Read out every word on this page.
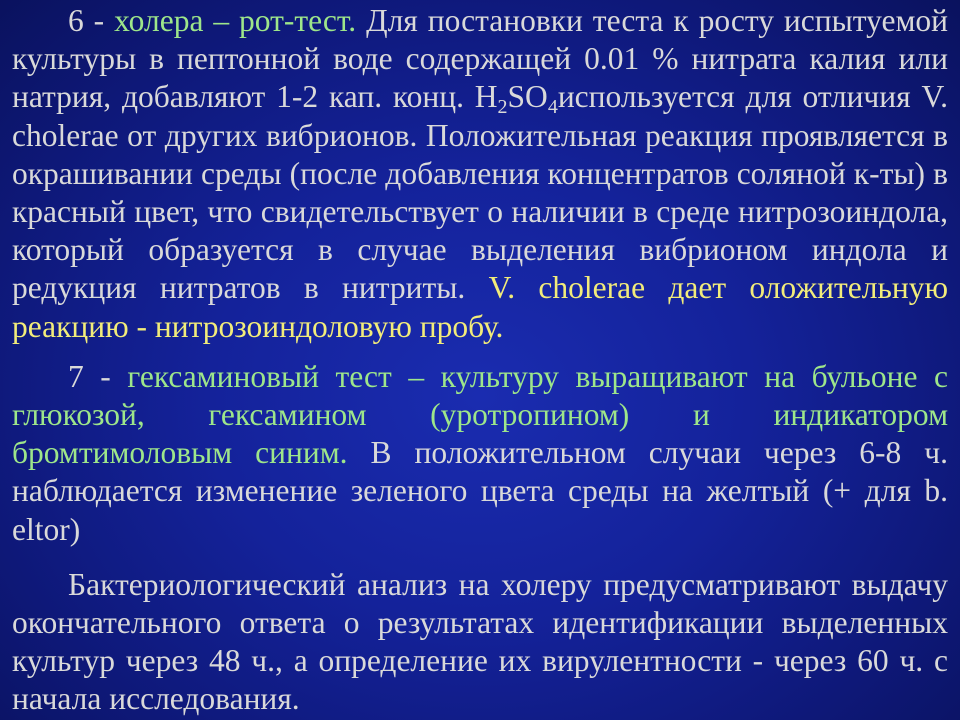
6 - холера – рот-тест. Для постановки теста к росту испытуемой культуры в пептонной воде содержащей 0.01 % нитрата калия или натрия, добавляют 1-2 кап. конц. $H_2SO_4используется$ для отличия V. cholerae от других вибрионов. Положительная реакция проявляется в окрашивании среды (после добавления концентратов соляной к-ты) в красный цвет, что свидетельствует о наличии в среде нитрозоиндола, который образуется в случае выделения вибрионом индола и редукция нитратов в нитриты. V. cholerae дает оложительную реакцию - нитрозоиндоловую пробу.

7 - гексаминовый тест – культуру выращивают на бульоне с глюкозой, гексамином (уротропином) и индикатором бромтимоловым синим. В положительном случаи через 6-8 ч. наблюдается изменение зеленого цвета среды на желтый (+ для b. eltor)

Бактериологический анализ на холеру предусматривают выдачу окончательного ответа о результатах идентификации выделенных культур через 48 ч., а определение их вирулентности - через 60 ч. с начала исследования.
